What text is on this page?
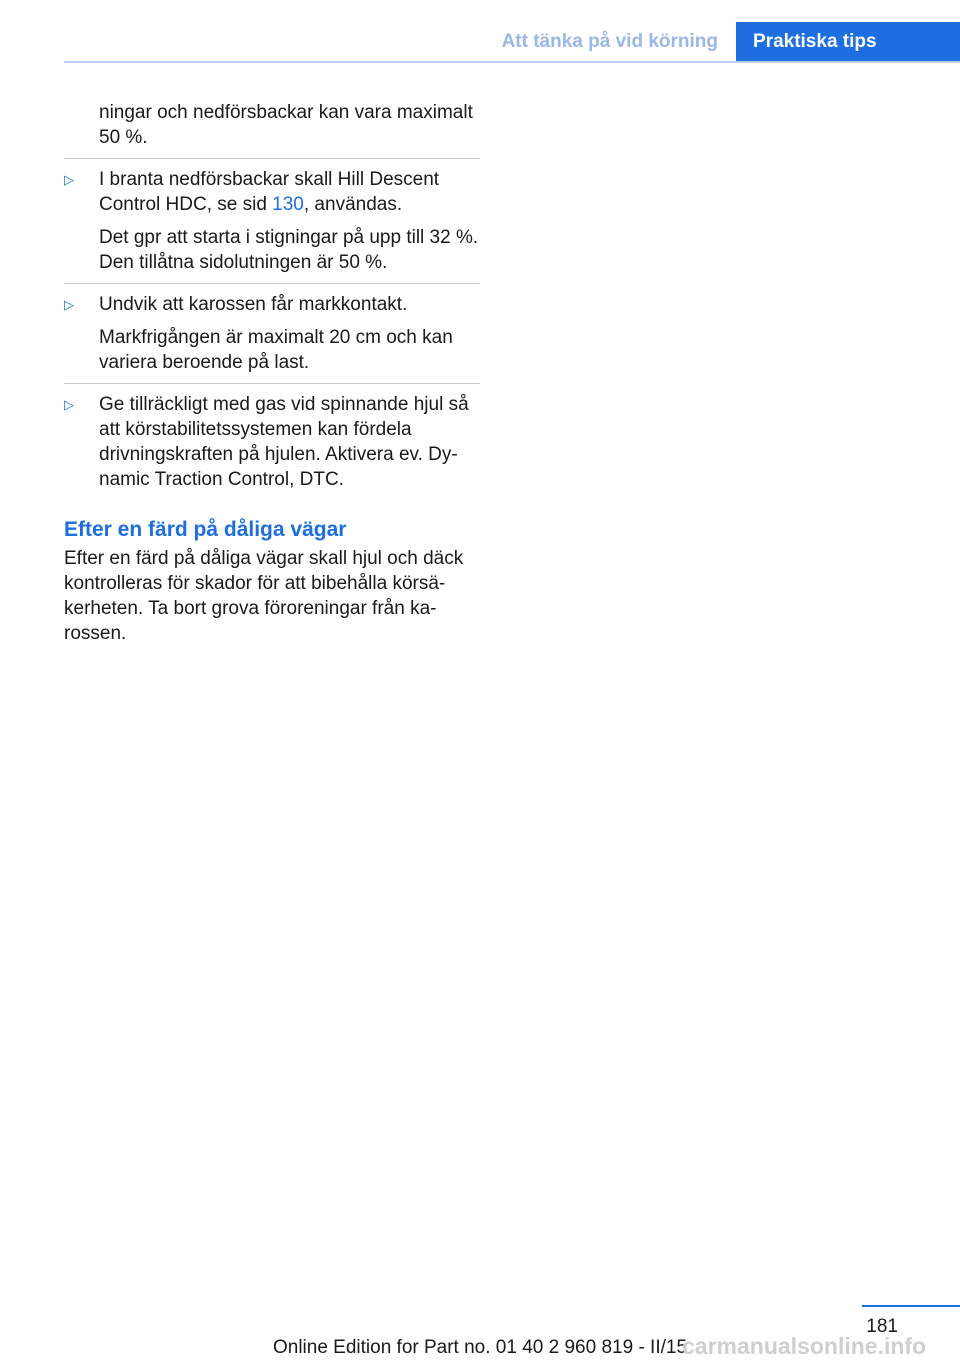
Att tänka på vid körning	Praktiska tips

ningar och nedförsbackar kan vara maximalt 50 %.

▷ I branta nedförsbackar skall Hill Descent Control HDC, se sid 130, användas.

Det gpr att starta i stigningar på upp till 32 %. Den tillåtna sidolutningen är 50 %.

▷ Undvik att karossen får markkontakt.

Markfrigången är maximalt 20 cm och kan variera beroende på last.

▷ Ge tillräckligt med gas vid spinnande hjul så att körstabilitetssystemen kan fördela drivningskraften på hjulen. Aktivera ev. Dynamic Traction Control, DTC.

Efter en färd på dåliga vägar

Efter en färd på dåliga vägar skall hjul och däck kontrolleras för skador för att bibehålla körsäkerheten. Ta bort grova föroreningar från karossen.

181
Online Edition for Part no. 01 40 2 960 819 - II/15
carmanualsonline.info
